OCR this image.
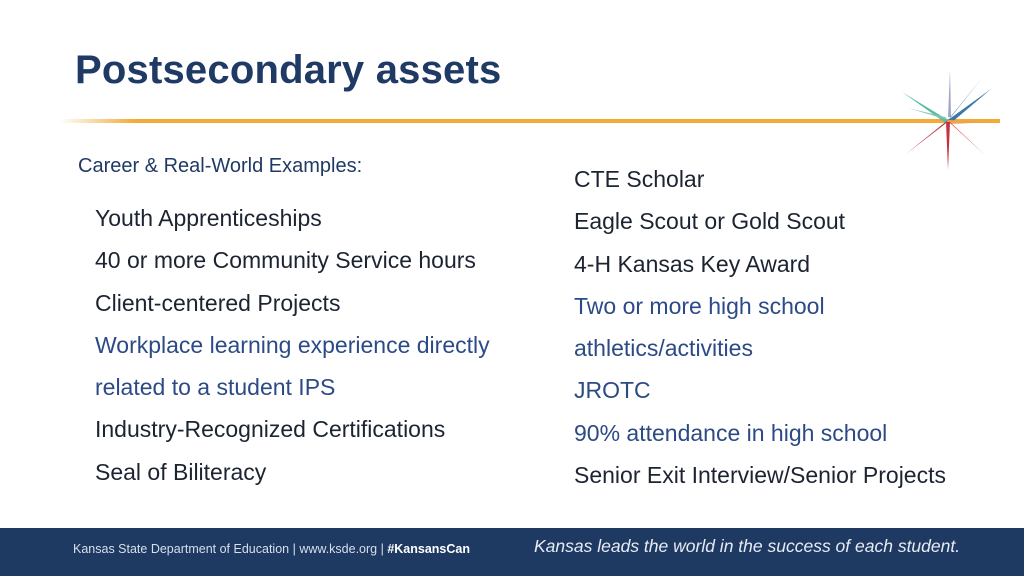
Postsecondary assets
Career & Real-World Examples:
Youth Apprenticeships
40 or more Community Service hours
Client-centered Projects
Workplace learning experience directly
related to a student IPS
Industry-Recognized Certifications
Seal of Biliteracy
CTE Scholar
Eagle Scout or Gold Scout
4-H Kansas Key Award
Two or more high school
athletics/activities
JROTC
90% attendance in high school
Senior Exit Interview/Senior Projects
Kansas State Department of Education | www.ksde.org | #KansansCan	Kansas leads the world in the success of each student.
